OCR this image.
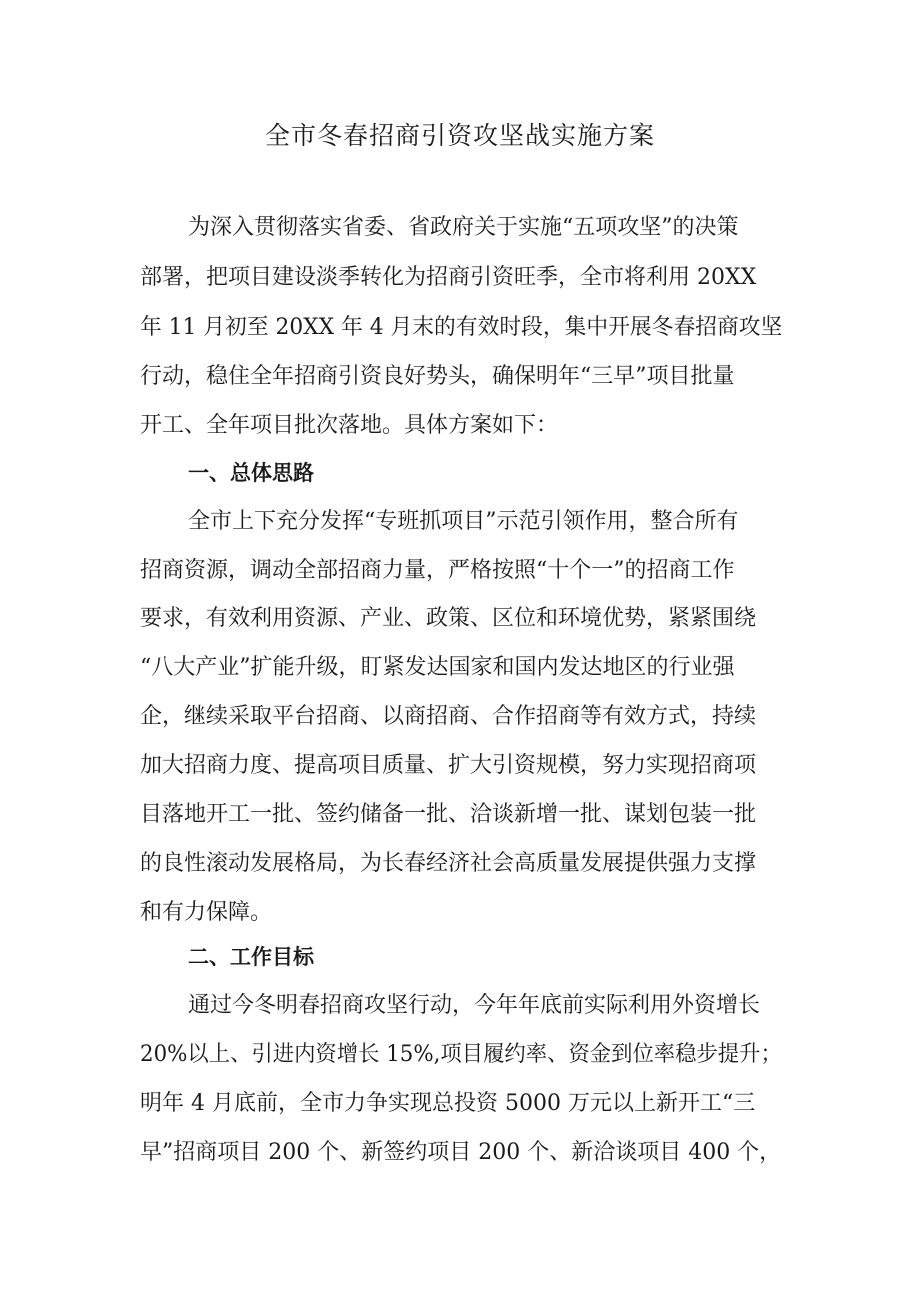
全市冬春招商引资攻坚战实施方案
为深入贯彻落实省委、省政府关于实施“五项攻坚”的决策
部署，把项目建设淡季转化为招商引资旺季，全市将利用 20XX
年 11 月初至 20XX 年 4 月末的有效时段，集中开展冬春招商攻坚
行动，稳住全年招商引资良好势头，确保明年“三早”项目批量
开工、全年项目批次落地。具体方案如下：
一、总体思路
全市上下充分发挥“专班抓项目”示范引领作用，整合所有
招商资源，调动全部招商力量，严格按照“十个一”的招商工作
要求，有效利用资源、产业、政策、区位和环境优势，紧紧围绕
“八大产业”扩能升级，盯紧发达国家和国内发达地区的行业强
企，继续采取平台招商、以商招商、合作招商等有效方式，持续
加大招商力度、提高项目质量、扩大引资规模，努力实现招商项
目落地开工一批、签约储备一批、洽谈新增一批、谋划包装一批
的良性滚动发展格局，为长春经济社会高质量发展提供强力支撑
和有力保障。
二、工作目标
通过今冬明春招商攻坚行动，今年年底前实际利用外资增长
20%以上、引进内资增长 15%,项目履约率、资金到位率稳步提升；
明年 4 月底前，全市力争实现总投资 5000 万元以上新开工“三
早”招商项目 200 个、新签约项目 200 个、新洽谈项目 400 个，
